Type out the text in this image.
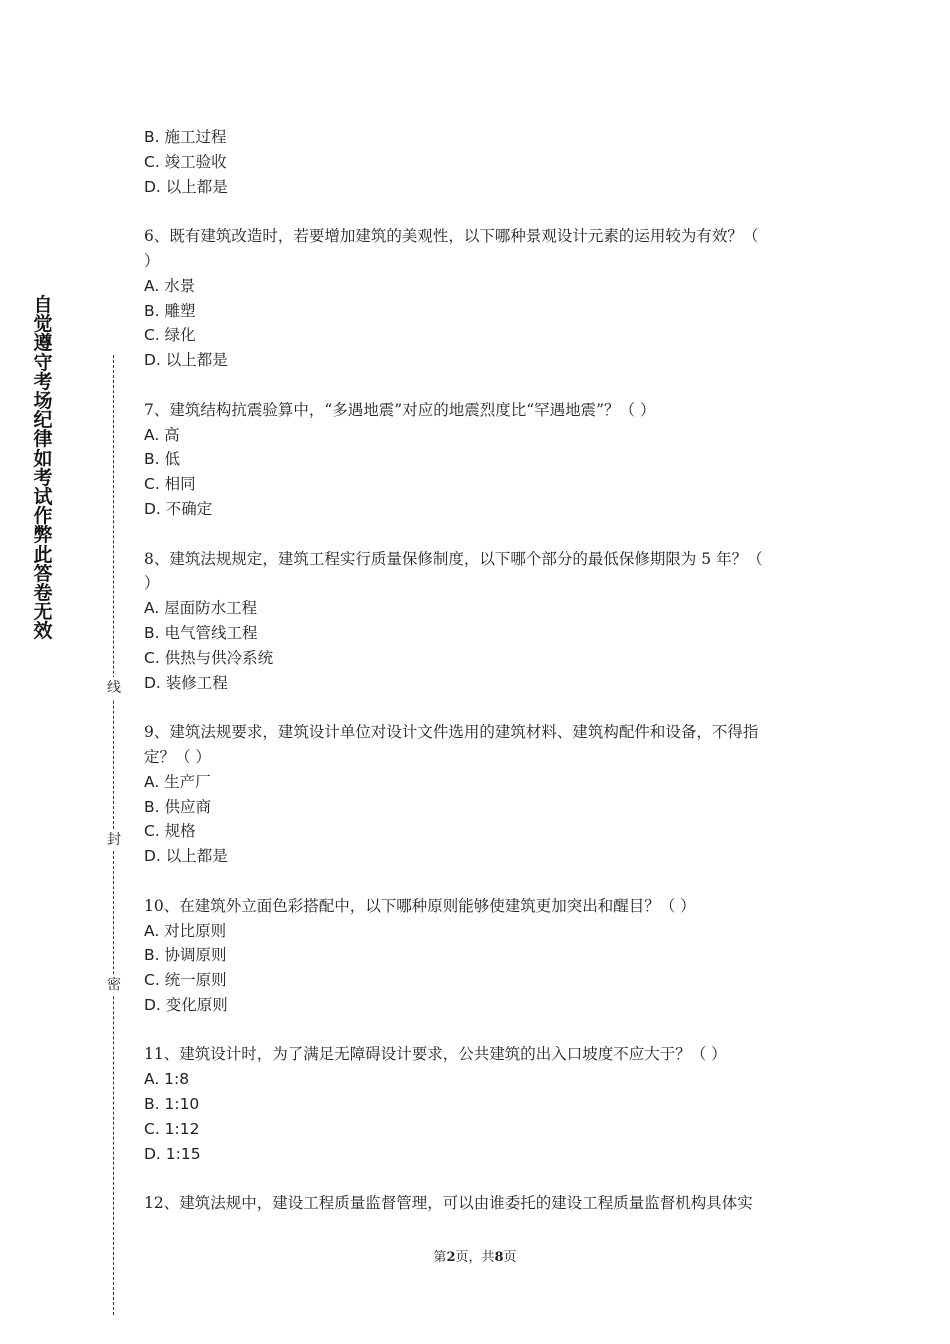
自觉遵守考场纪律如考试作弊此答卷无效
线
封
密

B. 施工过程

C. 竣工验收

D. 以上都是

6、既有建筑改造时，若要增加建筑的美观性，以下哪种景观设计元素的运用较为有效？（

）

A. 水景

B. 雕塑

C. 绿化

D. 以上都是

7、建筑结构抗震验算中，“多遇地震”对应的地震烈度比“罕遇地震”？（ ）

A. 高

B. 低

C. 相同

D. 不确定

8、建筑法规规定，建筑工程实行质量保修制度，以下哪个部分的最低保修期限为 5 年？（

）

A. 屋面防水工程

B. 电气管线工程

C. 供热与供冷系统

D. 装修工程

9、建筑法规要求，建筑设计单位对设计文件选用的建筑材料、建筑构配件和设备，不得指

定？（ ）

A. 生产厂

B. 供应商

C. 规格

D. 以上都是

10、在建筑外立面色彩搭配中，以下哪种原则能够使建筑更加突出和醒目？（ ）

A. 对比原则

B. 协调原则

C. 统一原则

D. 变化原则

11、建筑设计时，为了满足无障碍设计要求，公共建筑的出入口坡度不应大于？（ ）

A. 1:8

B. 1:10

C. 1:12

D. 1:15

12、建筑法规中，建设工程质量监督管理，可以由谁委托的建设工程质量监督机构具体实

第2页，共8页
